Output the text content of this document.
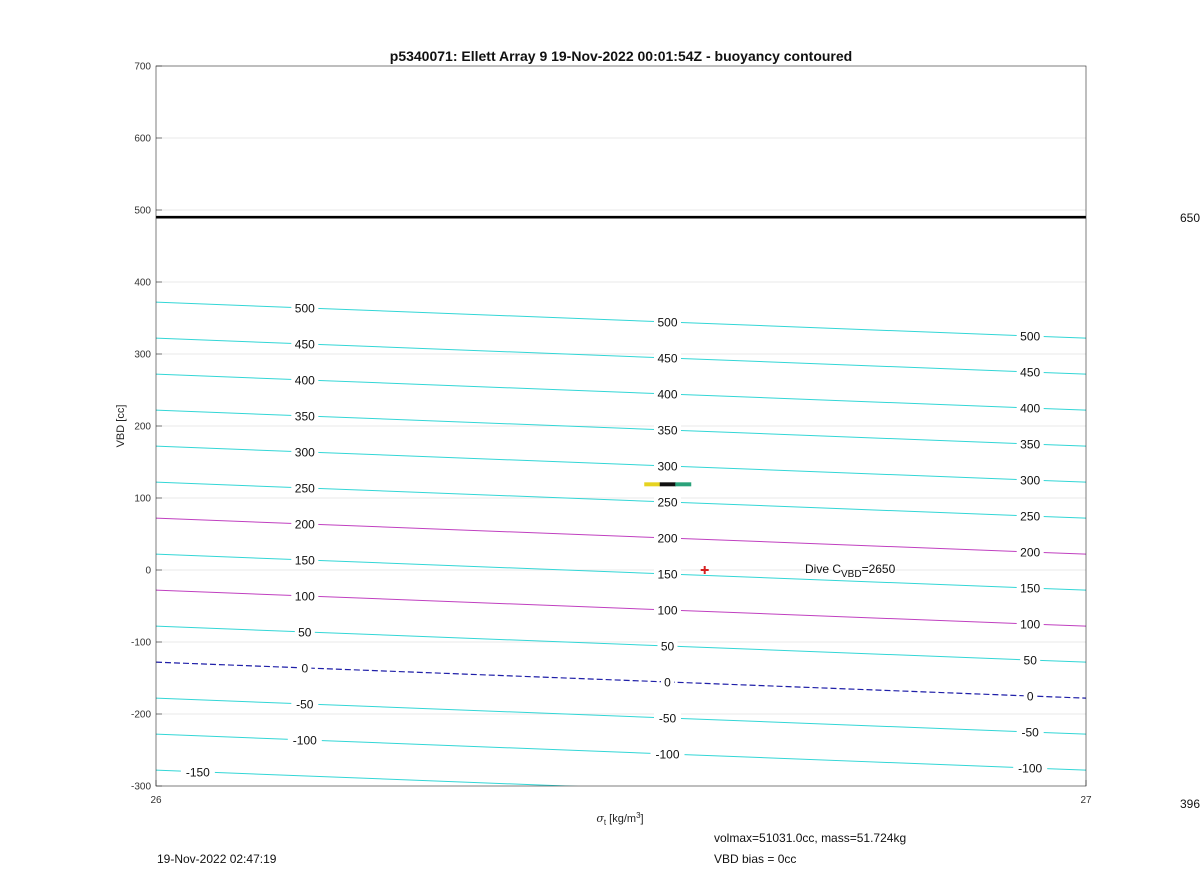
-150
-100
-100
-100
-50
-50
-50
0
0
0
50
50
50
100
100
100
150
150
150
200
200
200
250
250
250
300
300
300
350
350
350
400
400
400
450
450
450
500
500
500
-300
-200
-100
0
100
200
300
400
500
600
700
26	27
p5340071: Ellett Array 9 19-Nov-2022 00:01:54Z - buoyancy contoured
VBD [cc]
$\sigma_t$ $[kg/m^3]$
Dive $C_{VBD}=2650$
650
396
19-Nov-2022 02:47:19
volmax=51031.0cc, mass=51.724kg
VBD bias = 0cc
